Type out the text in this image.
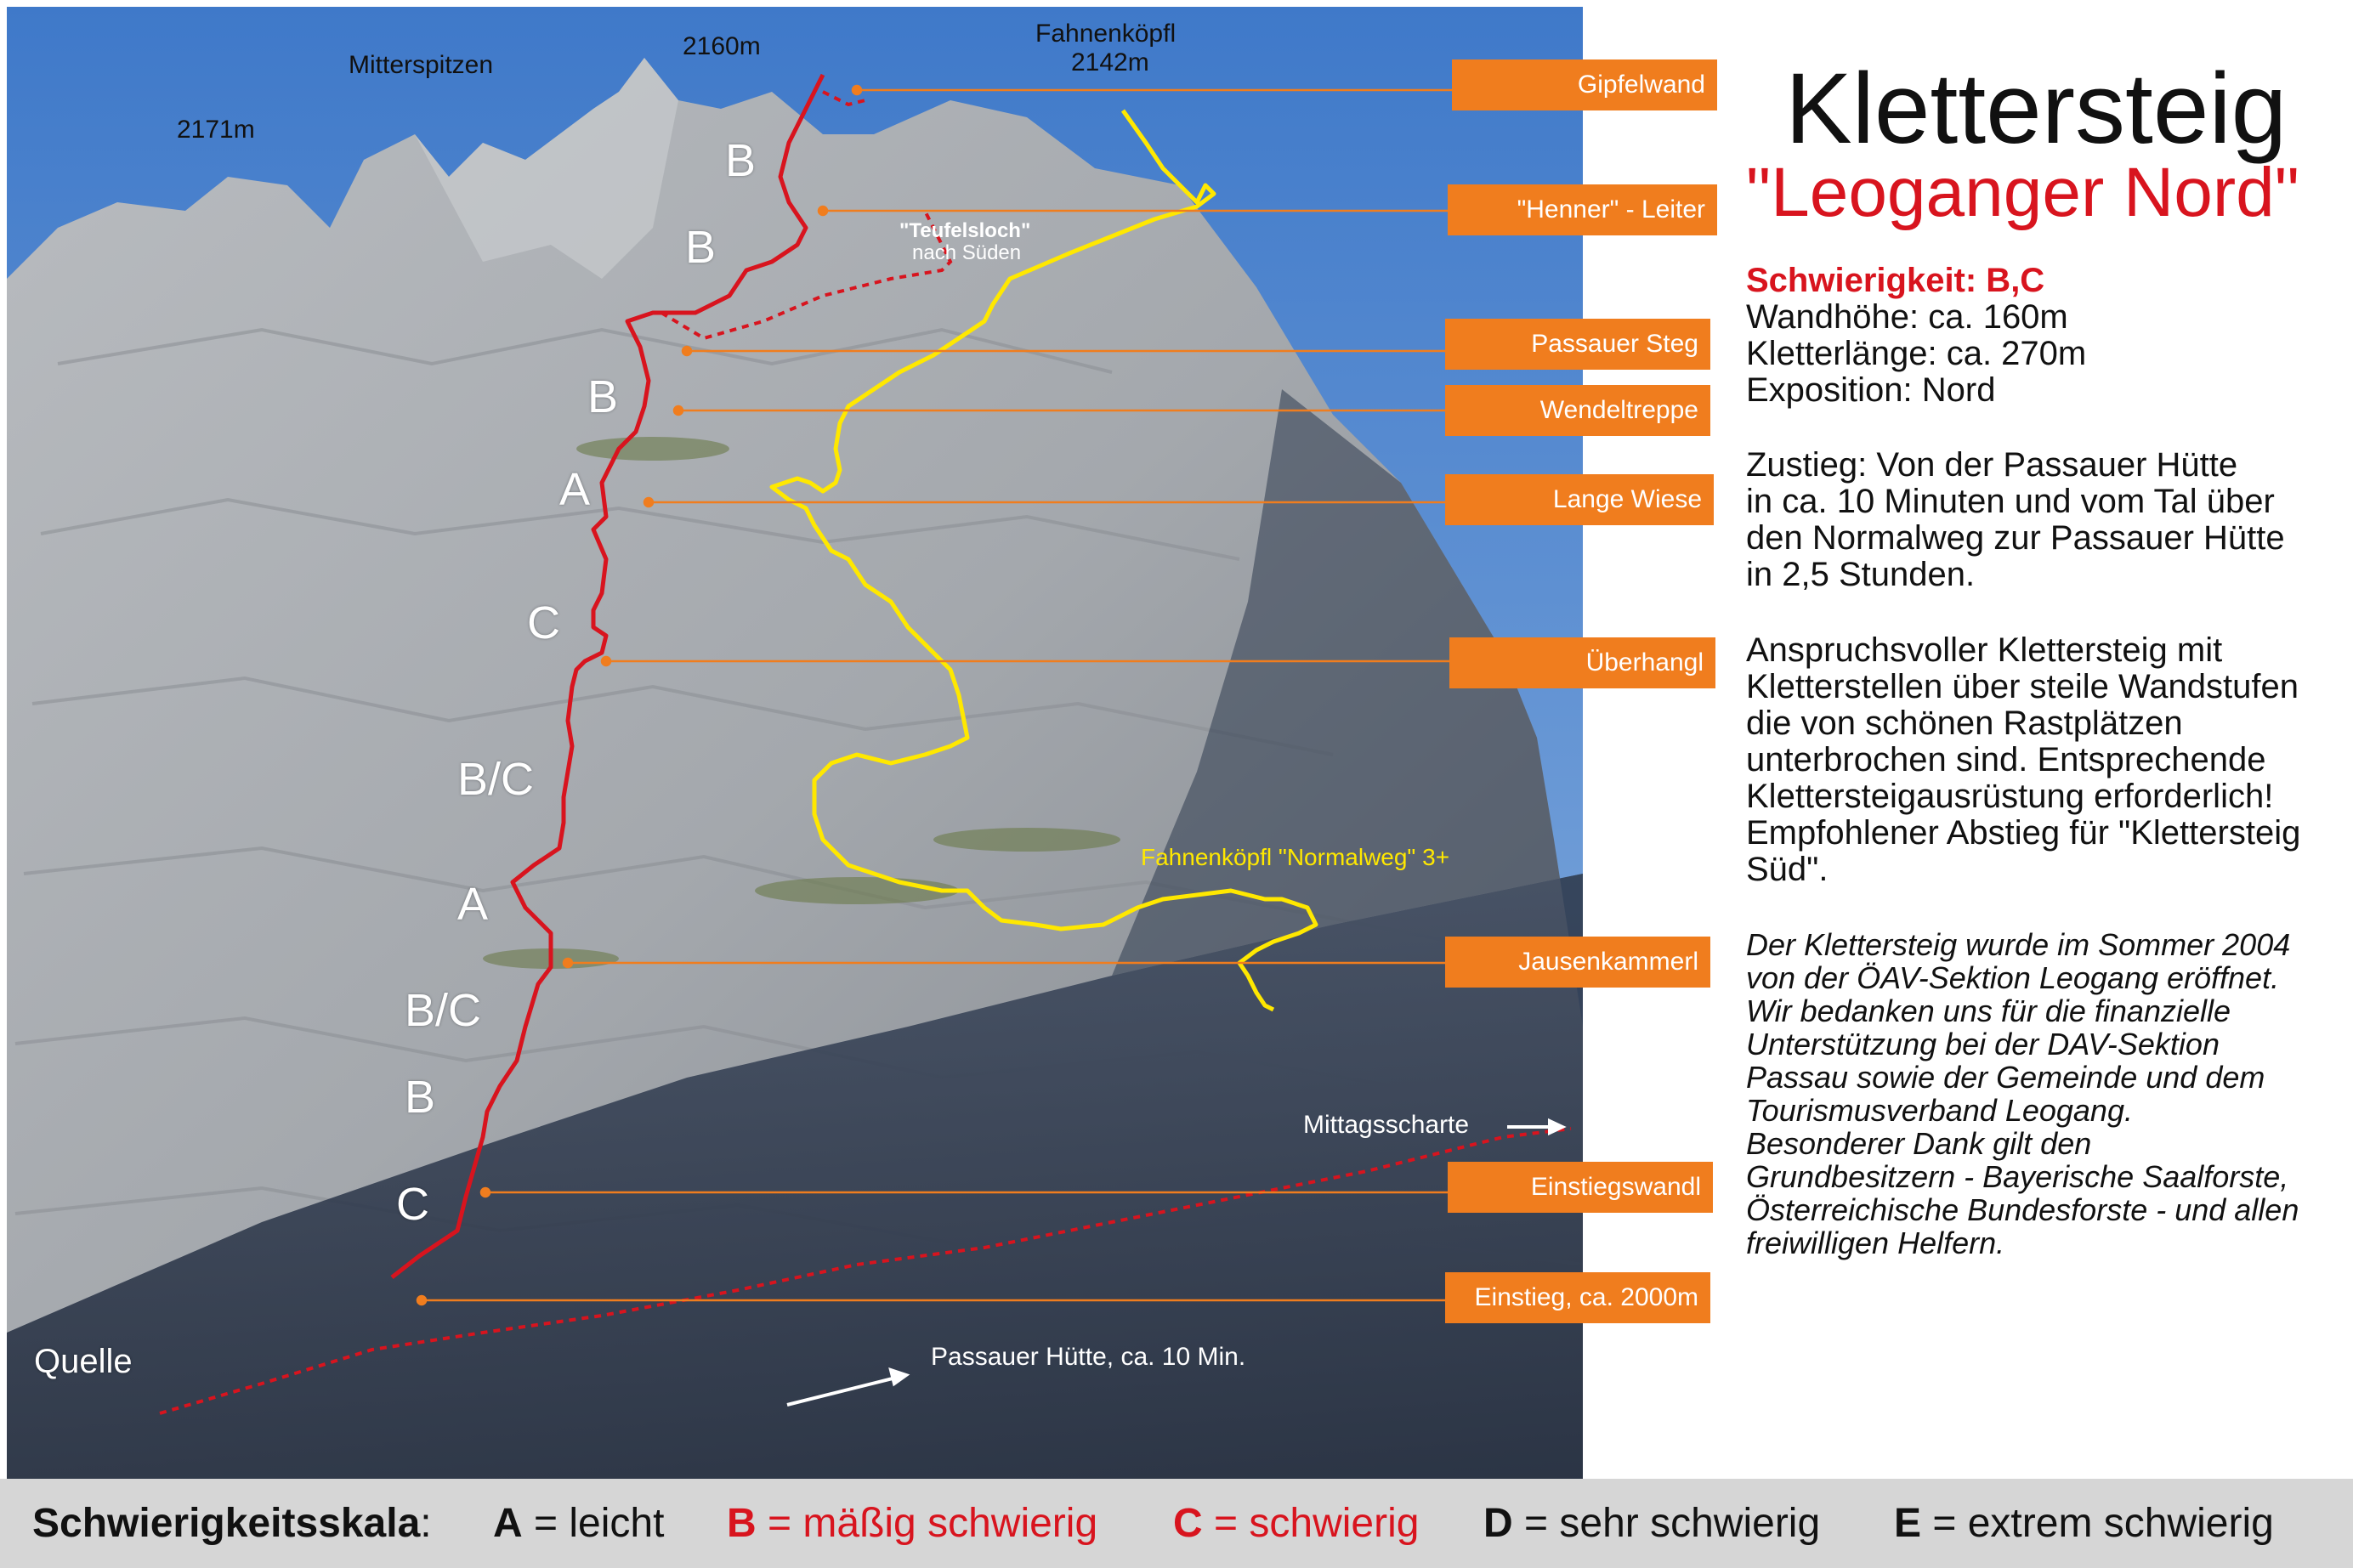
Mitterspitzen
2171m
2160m	Fahnenköpfl
2142m
"Teufelsloch"
nach Süden
B
B
B
A
C
B/C
A
B/C
B
C
Fahnenköpfl "Normalweg" 3+
Mittagsscharte
Passauer Hütte, ca. 10 Min.
Quelle
Gipfelwand
"Henner" - Leiter
Passauer Steg
Wendeltreppe
Lange Wiese
Überhangl
Jausenkammerl
Einstiegswandl
Einstieg, ca. 2000m
Klettersteig
"Leoganger Nord"
Schwierigkeit: B,C
Wandhöhe: ca. 160m
Kletterlänge: ca. 270m
Exposition: Nord
Zustieg: Von der Passauer Hütte
in ca. 10 Minuten und vom Tal über
den Normalweg zur Passauer Hütte
in 2,5 Stunden.
Anspruchsvoller Klettersteig mit
Kletterstellen über steile Wandstufen
die von schönen Rastplätzen
unterbrochen sind. Entsprechende
Klettersteigausrüstung erforderlich!
Empfohlener Abstieg für "Klettersteig
Süd".
Der Klettersteig wurde im Sommer 2004
von der ÖAV-Sektion Leogang eröffnet.
Wir bedanken uns für die finanzielle
Unterstützung bei der DAV-Sektion
Passau sowie der Gemeinde und dem
Tourismusverband Leogang.
Besonderer Dank gilt den
Grundbesitzern - Bayerische Saalforste,
Österreichische Bundesforste - und allen
freiwilligen Helfern.
Schwierigkeitsskala: A = leicht B = mäßig schwierig C = schwierig D = sehr schwierig E = extrem schwierig
